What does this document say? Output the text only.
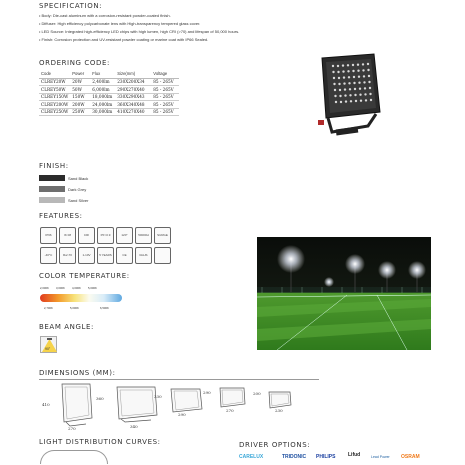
SPECIFICATION:
• Body: Die-cast aluminum with a corrosion-resistant powder-coated finish.
• Diffuser: High efficiency polycarbonate lens with High-transparency tempered glass cover.
• LED Source: Integrated high-efficiency LED chips with high lumen, high CRI (>70) and lifespan of 50,000 hours.
• Finish: Corrosion protection and UV-resistant powder coating or marine coat with IP66 Sealed.
ORDERING CODE:
Code	Power	Flux	Size(mm)	Voltage
CLREY20W	20W	2,400lm	230X200X34	85 - 265V
CLREY50W	50W	6,000lm	290X270X40	85 - 265V
CLREY150W	150W	18,000lm	330X290X43	85 - 265V
CLREY200W	200W	24,000lm	360X340X48	85 - 265V
CLREY250W	250W	30,000lm	410X270X40	85 - 265V
FINISH:
Sand Black
Dark Grey
Sand Silver
FEATURES:
IP66	IK 08	CRI	PF>0.9	120°	50000H	SURGE
-40°C	Ra>70	1-10V	5 YEARS	CE	RoHS
COLOR TEMPERATURE:
2,000K	3,000K	4,000K	5,000K
2,700K	5,000K	6,500K
BEAM ANGLE:
90°
DIMENSIONS (MM):
410
270
360
340
330
290
290
270
200
230
LIGHT DISTRIBUTION CURVES:	DRIVER OPTIONS:
CARELUX	TRIDONIC PHILIPS	Lifud	Lead Power OSRAM
